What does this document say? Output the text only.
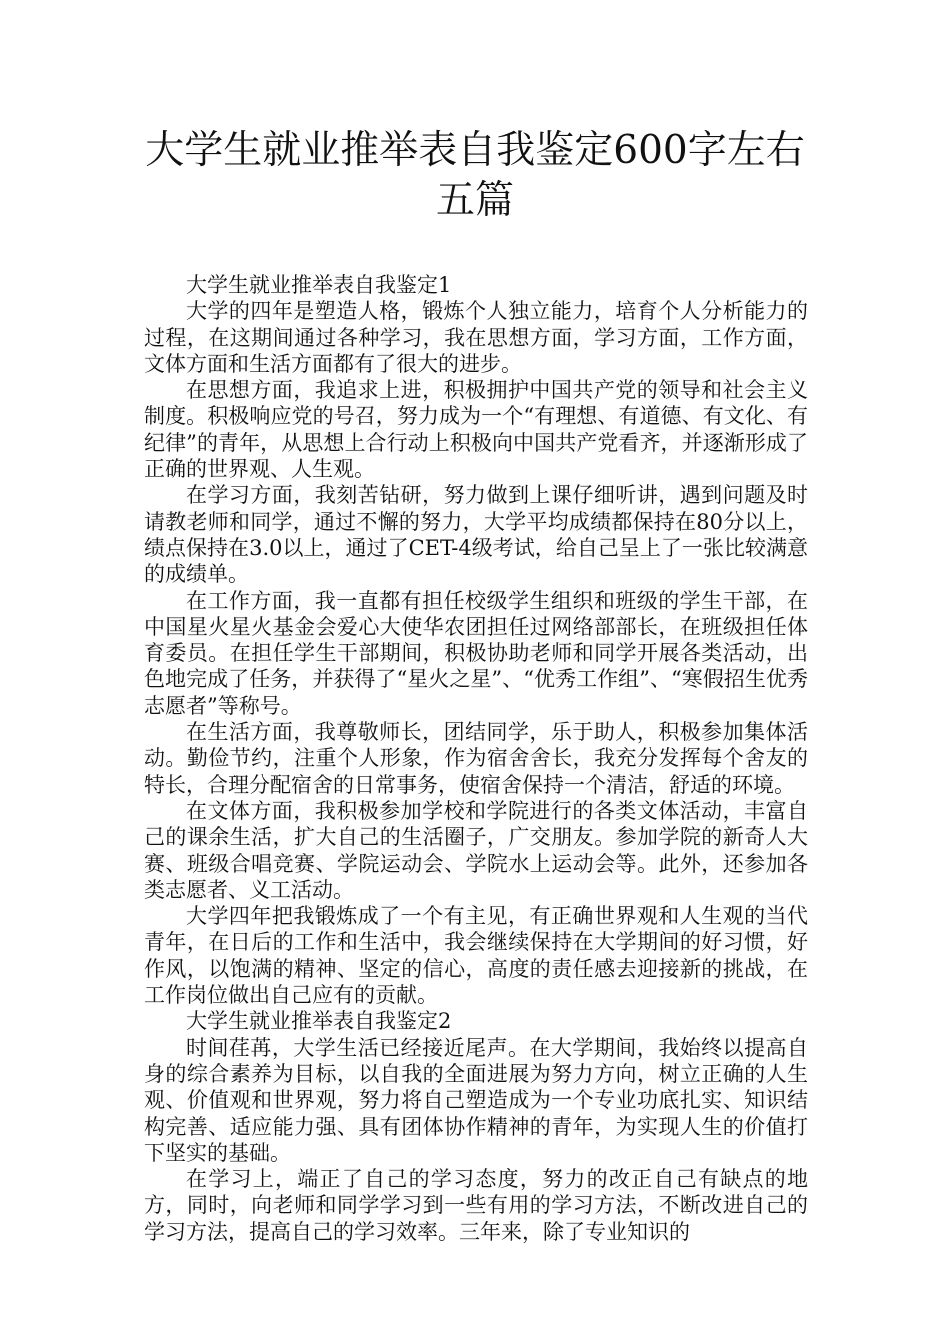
大学生就业推举表自我鉴定600字左右五篇

大学生就业推举表自我鉴定1

大学的四年是塑造人格，锻炼个人独立能力，培育个人分析能力的过程，在这期间通过各种学习，我在思想方面，学习方面，工作方面，文体方面和生活方面都有了很大的进步。

在思想方面，我追求上进，积极拥护中国共产党的领导和社会主义制度。积极响应党的号召，努力成为一个“有理想、有道德、有文化、有纪律”的青年，从思想上合行动上积极向中国共产党看齐，并逐渐形成了正确的世界观、人生观。

在学习方面，我刻苦钻研，努力做到上课仔细听讲，遇到问题及时请教老师和同学，通过不懈的努力，大学平均成绩都保持在80分以上，绩点保持在3.0以上，通过了CET-4级考试，给自己呈上了一张比较满意的成绩单。

在工作方面，我一直都有担任校级学生组织和班级的学生干部，在中国星火星火基金会爱心大使华农团担任过网络部部长，在班级担任体育委员。在担任学生干部期间，积极协助老师和同学开展各类活动，出色地完成了任务，并获得了“星火之星”、“优秀工作组”、“寒假招生优秀志愿者”等称号。

在生活方面，我尊敬师长，团结同学，乐于助人，积极参加集体活动。勤俭节约，注重个人形象，作为宿舍舍长，我充分发挥每个舍友的特长，合理分配宿舍的日常事务，使宿舍保持一个清洁，舒适的环境。

在文体方面，我积极参加学校和学院进行的各类文体活动，丰富自己的课余生活，扩大自己的生活圈子，广交朋友。参加学院的新奇人大赛、班级合唱竞赛、学院运动会、学院水上运动会等。此外，还参加各类志愿者、义工活动。

大学四年把我锻炼成了一个有主见，有正确世界观和人生观的当代青年，在日后的工作和生活中，我会继续保持在大学期间的好习惯，好作风，以饱满的精神、坚定的信心，高度的责任感去迎接新的挑战，在工作岗位做出自己应有的贡献。

大学生就业推举表自我鉴定2

时间荏苒，大学生活已经接近尾声。在大学期间，我始终以提高自身的综合素养为目标，以自我的全面进展为努力方向，树立正确的人生观、价值观和世界观，努力将自己塑造成为一个专业功底扎实、知识结构完善、适应能力强、具有团体协作精神的青年，为实现人生的价值打下坚实的基础。

在学习上，端正了自己的学习态度，努力的改正自己有缺点的地方，同时，向老师和同学学习到一些有用的学习方法，不断改进自己的学习方法，提高自己的学习效率。三年来，除了专业知识的
